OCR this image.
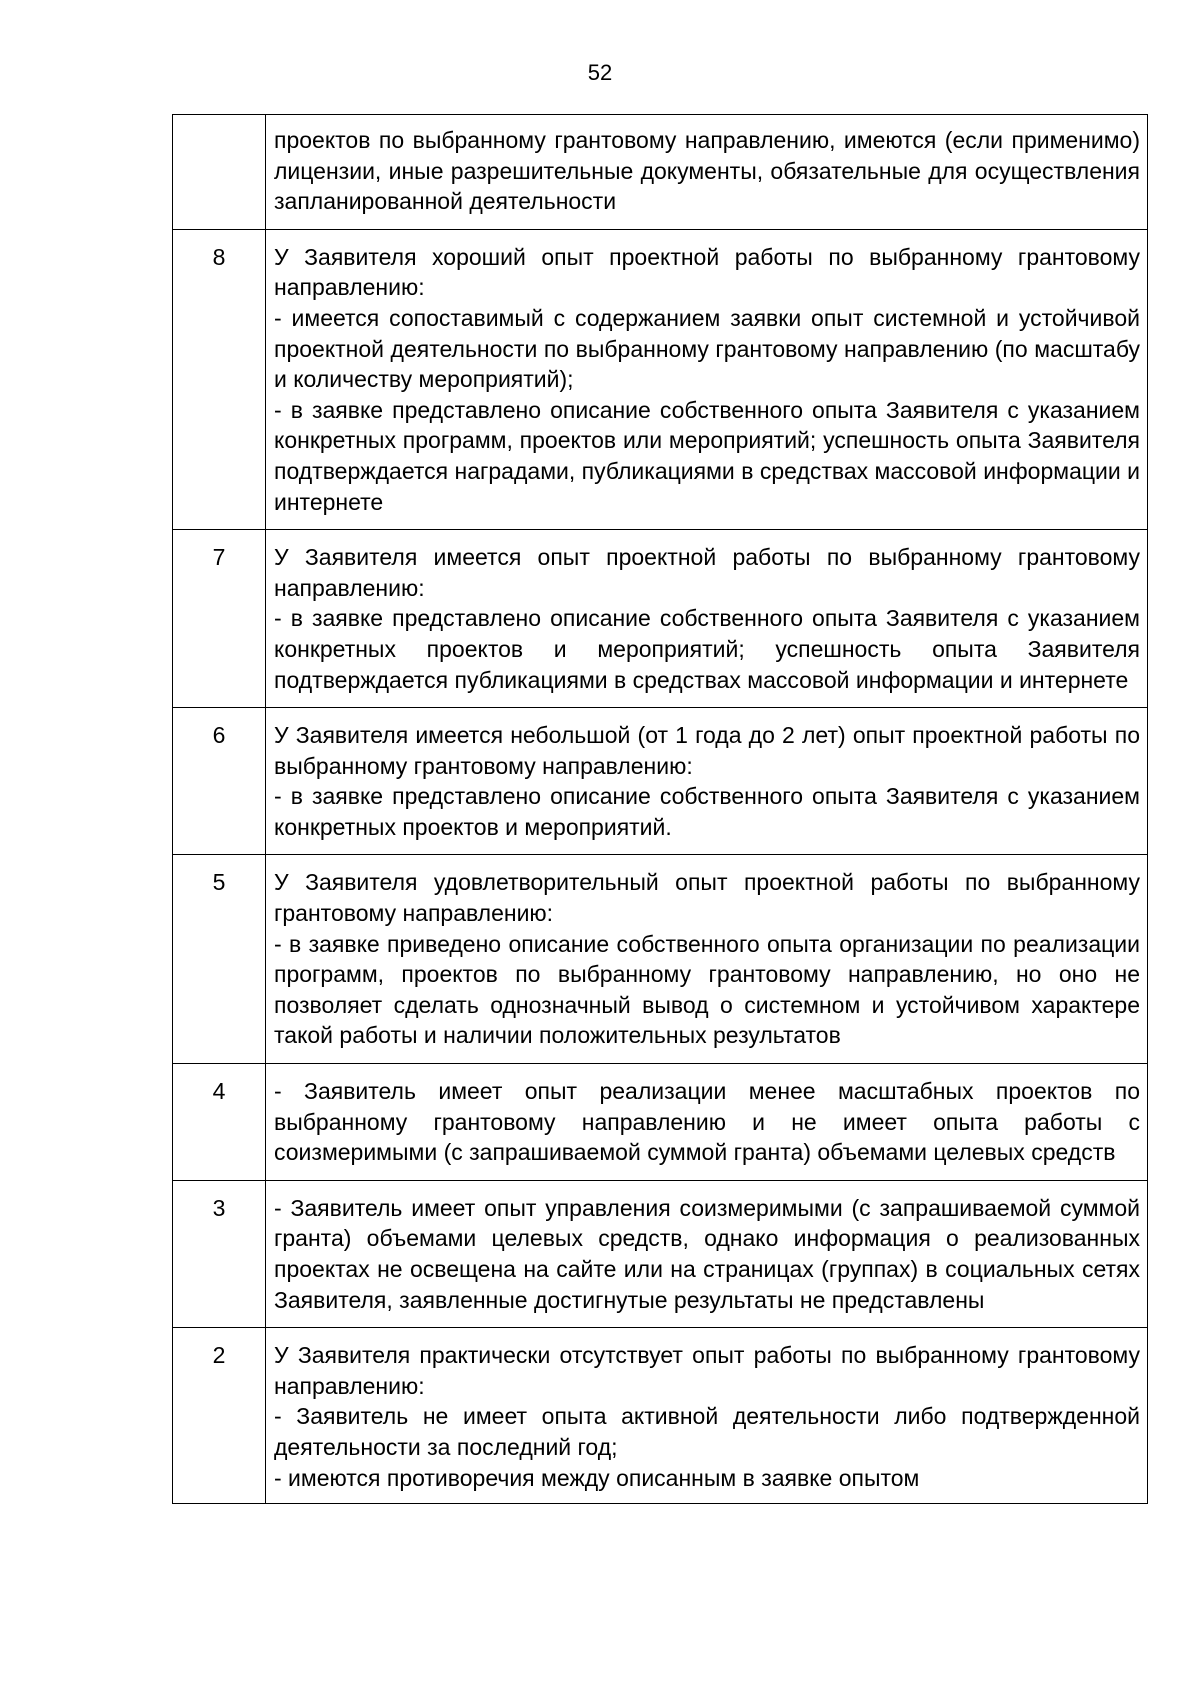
52
	проектов по выбранному грантовому направлению, имеются (если применимо) лицензии, иные разрешительные документы, обязательные для осуществления запланированной деятельности
8	У Заявителя хороший опыт проектной работы по выбранному грантовому направлению:
- имеется сопоставимый с содержанием заявки опыт системной и устойчивой проектной деятельности по выбранному грантовому направлению (по масштабу и количеству мероприятий);
- в заявке представлено описание собственного опыта Заявителя с указанием конкретных программ, проектов или мероприятий; успешность опыта Заявителя подтверждается наградами, публикациями в средствах массовой информации и интернете

7	У Заявителя имеется опыт проектной работы по выбранному грантовому направлению:
- в заявке представлено описание собственного опыта Заявителя с указанием конкретных проектов и мероприятий; успешность опыта Заявителя подтверждается публикациями в средствах массовой информации и интернете

6	У Заявителя имеется небольшой (от 1 года до 2 лет) опыт проектной работы по выбранному грантовому направлению:
- в заявке представлено описание собственного опыта Заявителя с указанием конкретных проектов и мероприятий.

5	У Заявителя удовлетворительный опыт проектной работы по выбранному грантовому направлению:
- в заявке приведено описание собственного опыта организации по реализации программ, проектов по выбранному грантовому направлению, но оно не позволяет сделать однозначный вывод о системном и устойчивом характере такой работы и наличии положительных результатов

4	- Заявитель имеет опыт реализации менее масштабных проектов по выбранному грантовому направлению и не имеет опыта работы с соизмеримыми (с запрашиваемой суммой гранта) объемами целевых средств
3	- Заявитель имеет опыт управления соизмеримыми (с запрашиваемой суммой гранта) объемами целевых средств, однако информация о реализованных проектах не освещена на сайте или на страницах (группах) в социальных сетях Заявителя, заявленные достигнутые результаты не представлены
2	У Заявителя практически отсутствует опыт работы по выбранному грантовому направлению:
- Заявитель не имеет опыта активной деятельности либо подтвержденной деятельности за последний год;
- имеются противоречия между описанным в заявке опытом
